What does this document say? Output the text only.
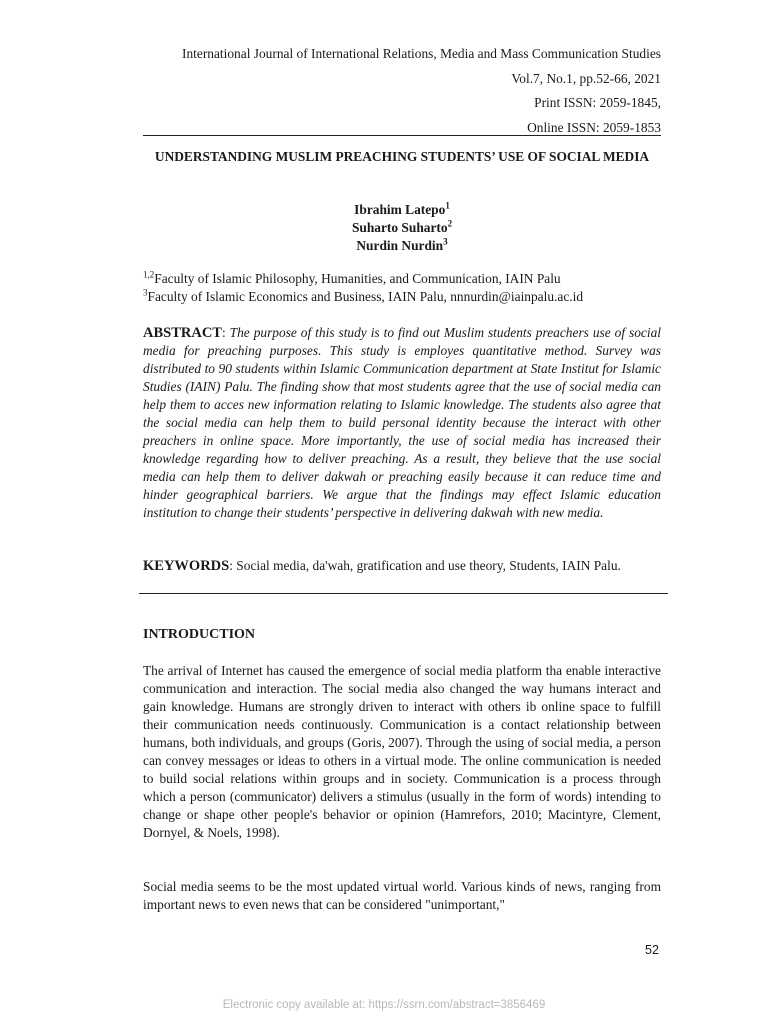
International Journal of International Relations, Media and Mass Communication Studies
Vol.7, No.1, pp.52-66, 2021
Print ISSN: 2059-1845,
Online ISSN: 2059-1853
UNDERSTANDING MUSLIM PREACHING STUDENTS’ USE OF SOCIAL MEDIA
Ibrahim Latepo$^1$
Suharto Suharto$^2$
Nurdin Nurdin$^3$
$^{1,2}$Faculty of Islamic Philosophy, Humanities, and Communication, IAIN Palu
$^3$Faculty of Islamic Economics and Business, IAIN Palu, nnnurdin@iainpalu.ac.id
ABSTRACT: The purpose of this study is to find out Muslim students preachers use of social media for preaching purposes. This study is employes quantitative method. Survey was distributed to 90 students within Islamic Communication department at State Institut for Islamic Studies (IAIN) Palu. The finding show that most students agree that the use of social media can help them to acces new information relating to Islamic knowledge. The students also agree that the social media can help them to build personal identity because the interact with other preachers in online space. More importantly, the use of social media has increased their knowledge regarding how to deliver preaching. As a result, they believe that the use social media can help them to deliver dakwah or preaching easily because it can reduce time and hinder geographical barriers. We argue that the findings may effect Islamic education institution to change their students’ perspective in delivering dakwah with new media.
KEYWORDS: Social media, da'wah, gratification and use theory, Students, IAIN Palu.
INTRODUCTION
The arrival of Internet has caused the emergence of social media platform tha enable interactive communication and interaction. The social media also changed the way humans interact and gain knowledge. Humans are strongly driven to interact with others ib online space to fulfill their communication needs continuously. Communication is a contact relationship between humans, both individuals, and groups (Goris, 2007). Through the using of social media, a person can convey messages or ideas to others in a virtual mode. The online communication is needed to build social relations within groups and in society. Communication is a process through which a person (communicator) delivers a stimulus (usually in the form of words) intending to change or shape other people's behavior or opinion (Hamrefors, 2010; Macintyre, Clement, Dornyel, & Noels, 1998).
Social media seems to be the most updated virtual world. Various kinds of news, ranging from important news to even news that can be considered "unimportant,"
52
Electronic copy available at: https://ssrn.com/abstract=3856469
